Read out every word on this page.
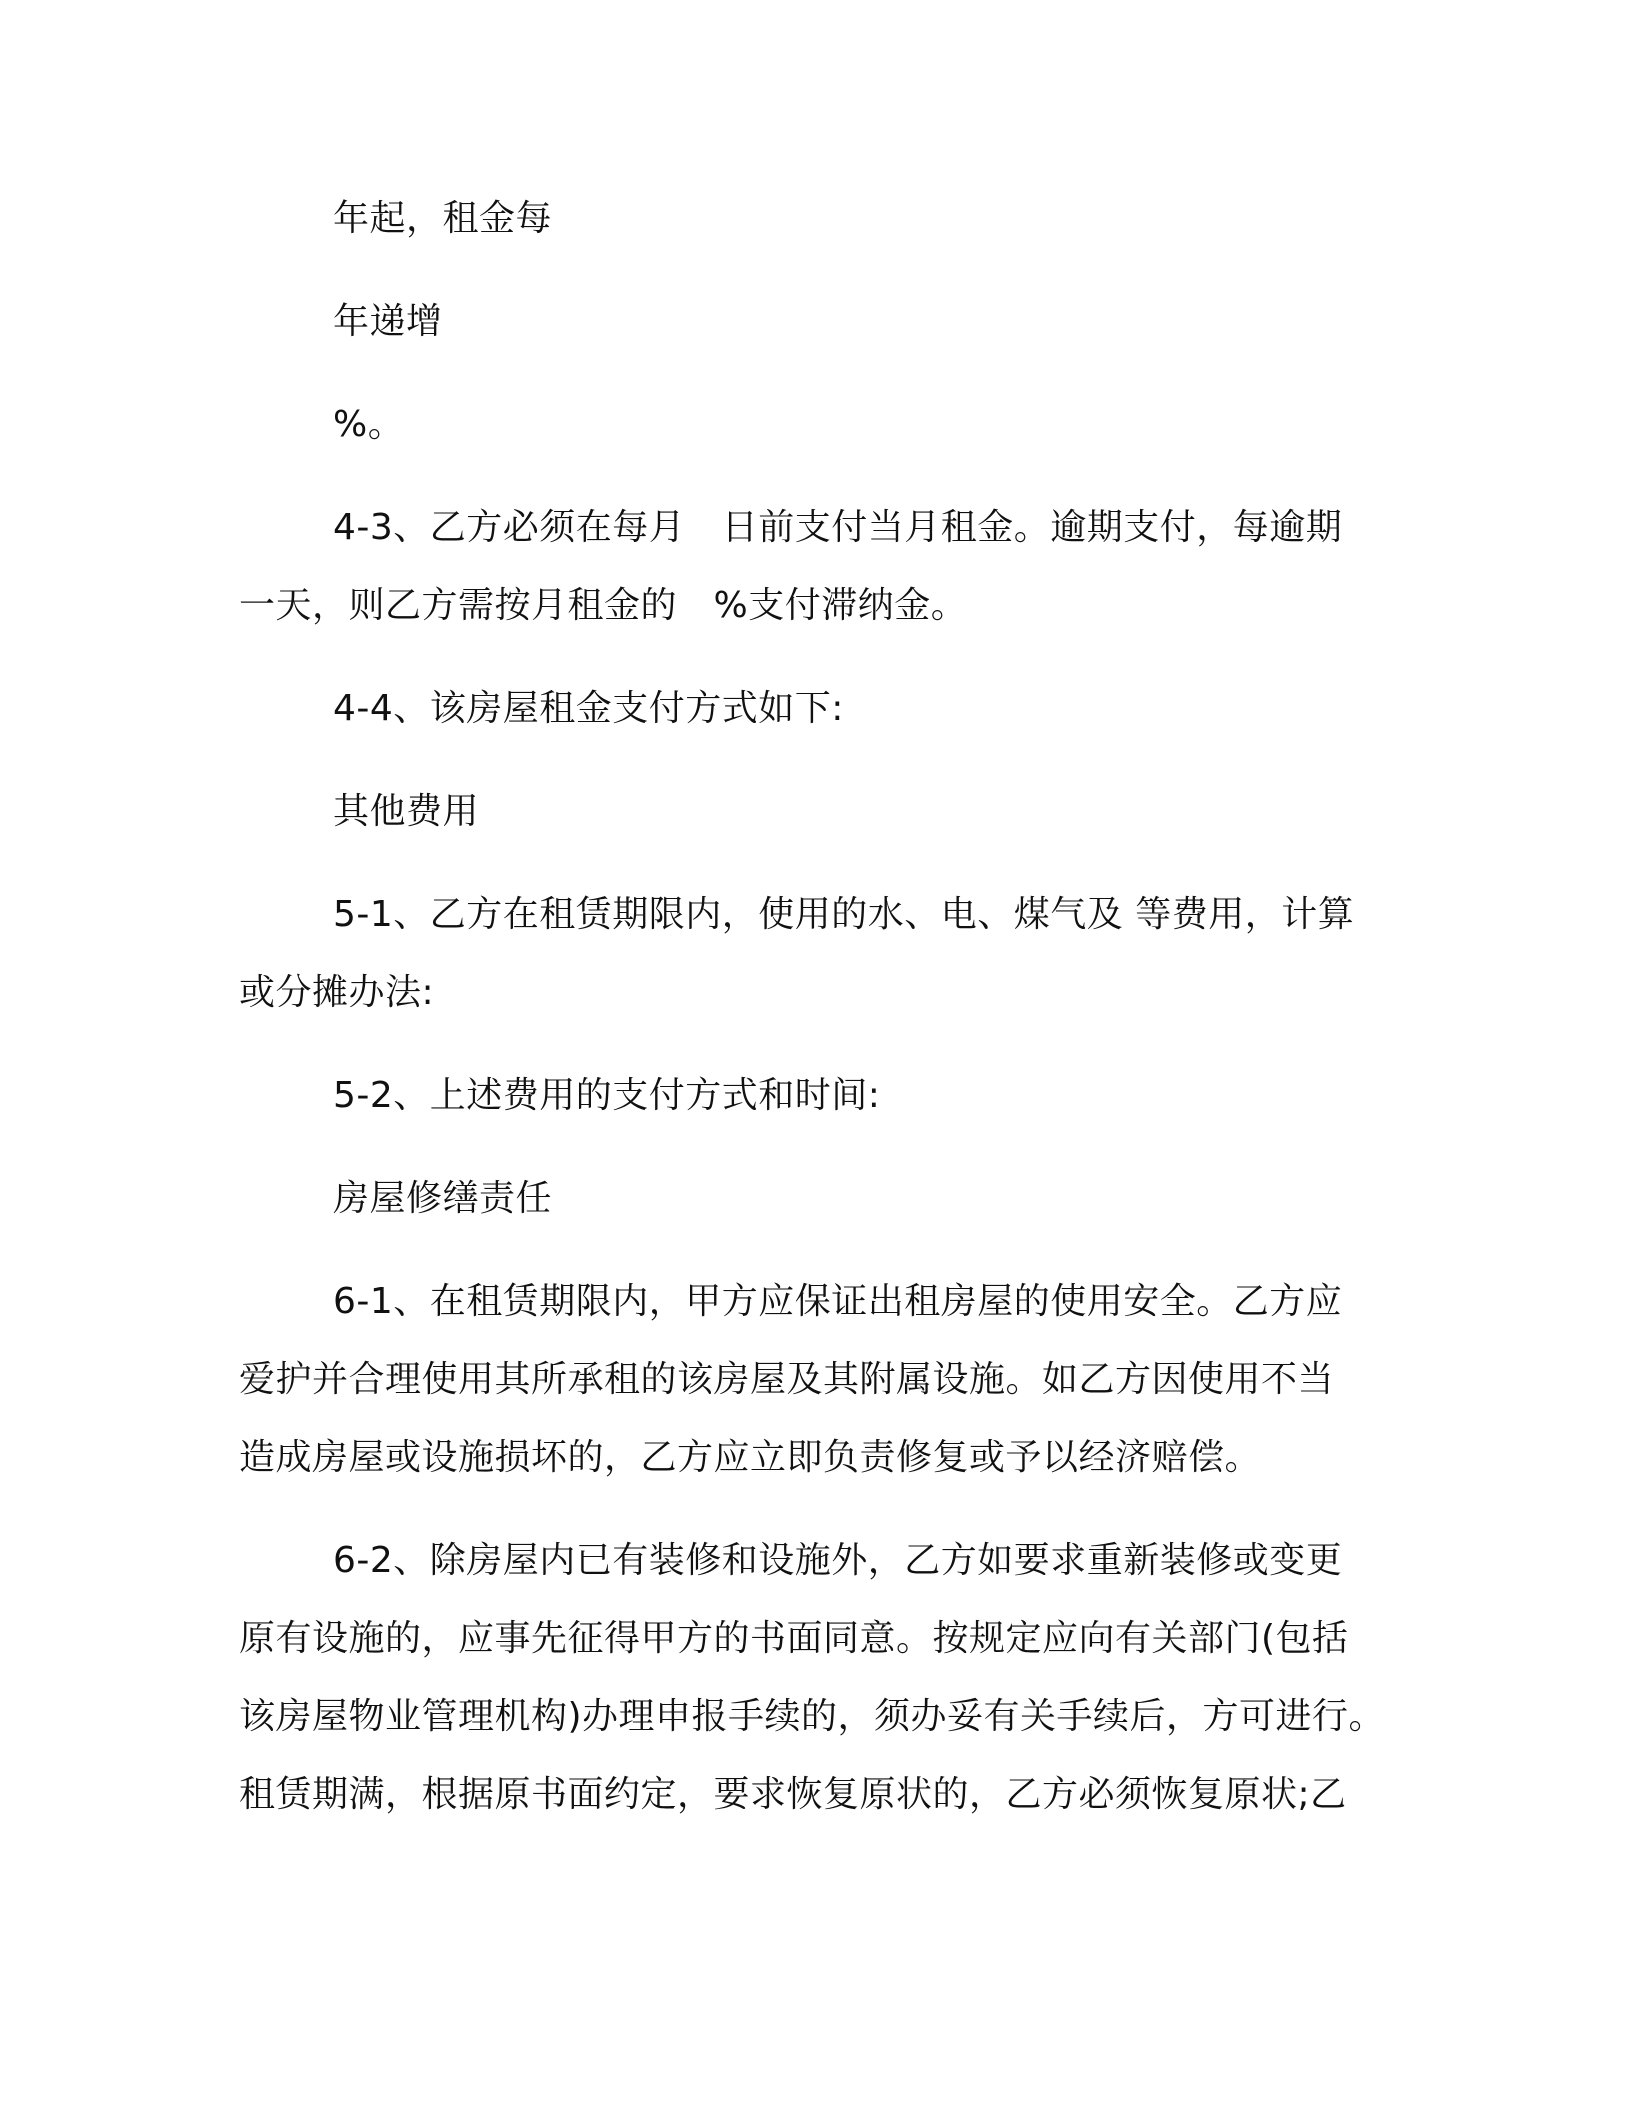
年起，租金每
年递增
%。
4-3、乙方必须在每月　日前支付当月租金。逾期支付，每逾期
一天，则乙方需按月租金的　%支付滞纳金。
4-4、该房屋租金支付方式如下:
其他费用
5-1、乙方在租赁期限内，使用的水、电、煤气及 等费用，计算
或分摊办法:
5-2、上述费用的支付方式和时间:
房屋修缮责任
6-1、在租赁期限内，甲方应保证出租房屋的使用安全。乙方应
爱护并合理使用其所承租的该房屋及其附属设施。如乙方因使用不当
造成房屋或设施损坏的，乙方应立即负责修复或予以经济赔偿。
6-2、除房屋内已有装修和设施外，乙方如要求重新装修或变更
原有设施的，应事先征得甲方的书面同意。按规定应向有关部门(包括
该房屋物业管理机构)办理申报手续的，须办妥有关手续后，方可进行。
租赁期满，根据原书面约定，要求恢复原状的，乙方必须恢复原状;乙
